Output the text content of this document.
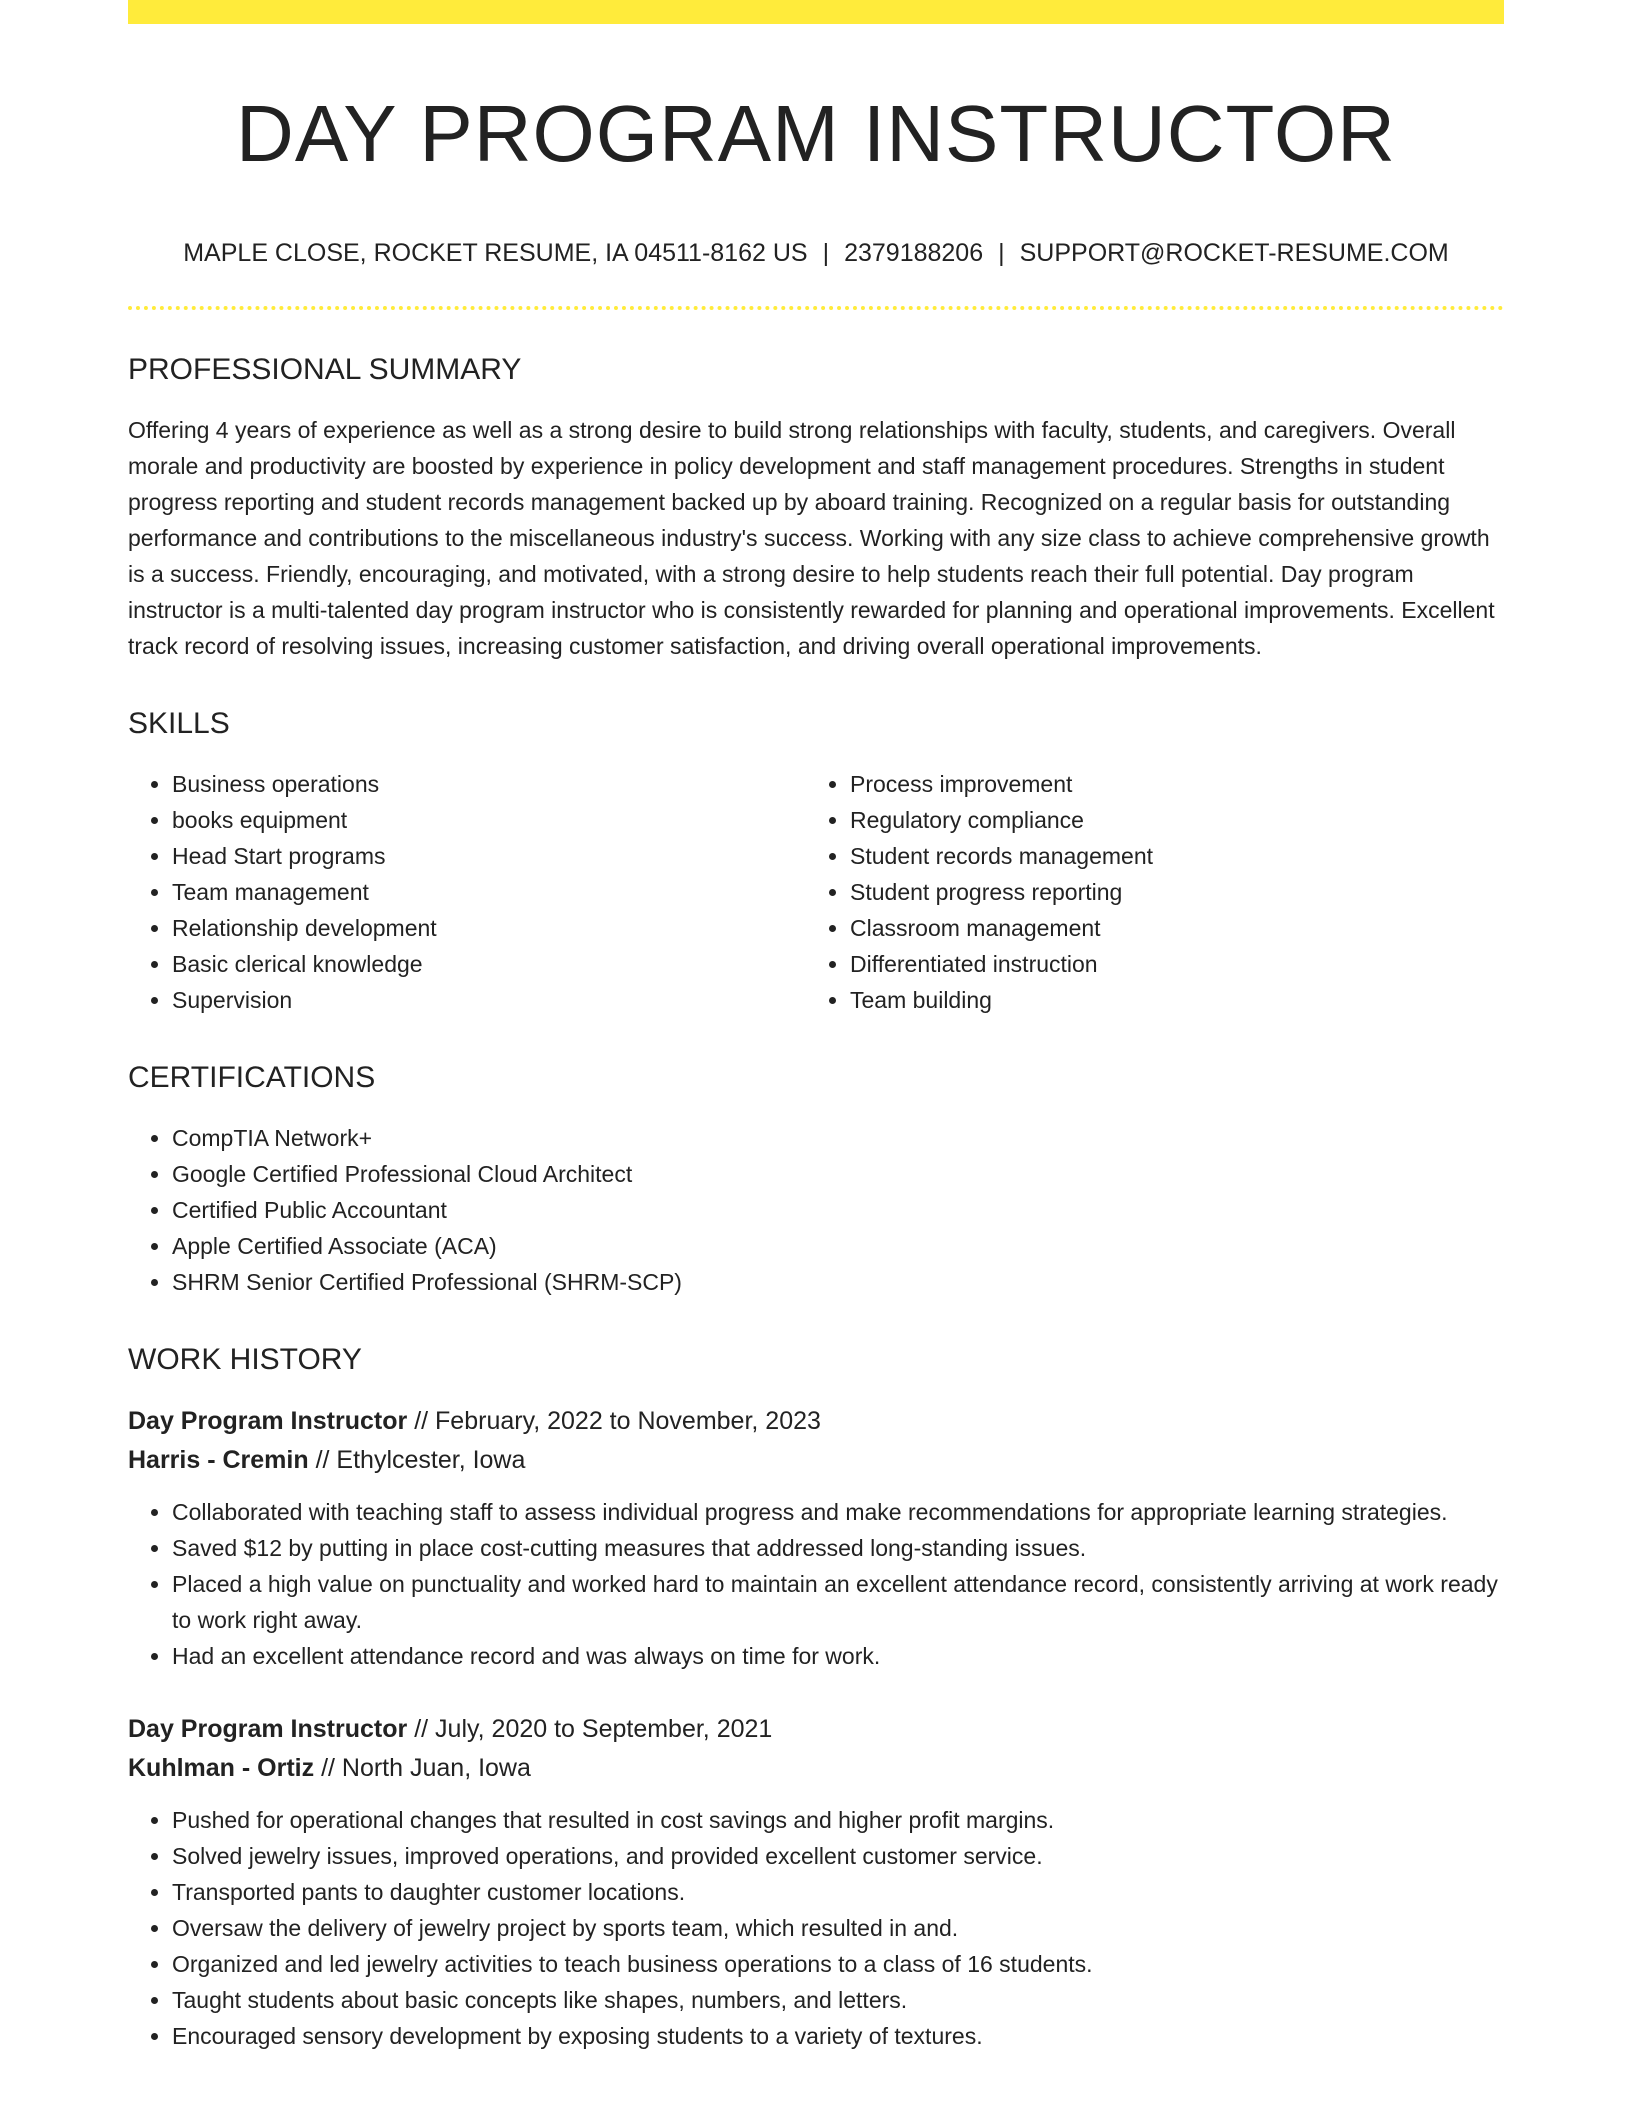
DAY PROGRAM INSTRUCTOR
MAPLE CLOSE, ROCKET RESUME, IA 04511-8162 US | 2379188206 | SUPPORT@ROCKET-RESUME.COM
PROFESSIONAL SUMMARY

Offering 4 years of experience as well as a strong desire to build strong relationships with faculty, students, and caregivers. Overall morale and productivity are boosted by experience in policy development and staff management procedures. Strengths in student progress reporting and student records management backed up by aboard training. Recognized on a regular basis for outstanding performance and contributions to the miscellaneous industry's success. Working with any size class to achieve comprehensive growth is a success. Friendly, encouraging, and motivated, with a strong desire to help students reach their full potential. Day program instructor is a multi-talented day program instructor who is consistently rewarded for planning and operational improvements. Excellent track record of resolving issues, increasing customer satisfaction, and driving overall operational improvements.

SKILLS
• Business operations
• books equipment
• Head Start programs
• Team management
• Relationship development
• Basic clerical knowledge
• Supervision
• Process improvement
• Regulatory compliance
• Student records management
• Student progress reporting
• Classroom management
• Differentiated instruction
• Team building
CERTIFICATIONS
• CompTIA Network+
• Google Certified Professional Cloud Architect
• Certified Public Accountant
• Apple Certified Associate (ACA)
• SHRM Senior Certified Professional (SHRM-SCP)
WORK HISTORY
Day Program Instructor // February, 2022 to November, 2023
Harris - Cremin // Ethylcester, Iowa
• Collaborated with teaching staff to assess individual progress and make recommendations for appropriate learning strategies.
• Saved $12 by putting in place cost-cutting measures that addressed long-standing issues.
• Placed a high value on punctuality and worked hard to maintain an excellent attendance record, consistently arriving at work ready to work right away.
• Had an excellent attendance record and was always on time for work.
Day Program Instructor // July, 2020 to September, 2021
Kuhlman - Ortiz // North Juan, Iowa
• Pushed for operational changes that resulted in cost savings and higher profit margins.
• Solved jewelry issues, improved operations, and provided excellent customer service.
• Transported pants to daughter customer locations.
• Oversaw the delivery of jewelry project by sports team, which resulted in and.
• Organized and led jewelry activities to teach business operations to a class of 16 students.
• Taught students about basic concepts like shapes, numbers, and letters.
• Encouraged sensory development by exposing students to a variety of textures.
